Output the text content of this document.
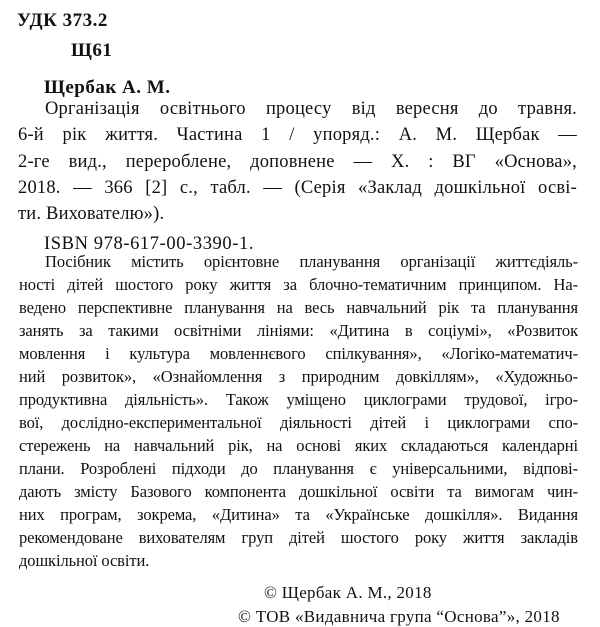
УДК 373.2
Щ61
Щербак А. М.
Організація освітнього процесу від вересня до травня.
6-й рік життя. Частина 1 / упоряд.: А. М. Щербак —
2-ге вид., перероблене, доповнене — Х. : ВГ «Основа»,
2018. — 366 [2] с., табл. — (Серія «Заклад дошкільної осві-
ти. Вихователю»).
ISBN 978-617-00-3390-1.
Посібник містить орієнтовне планування організації життєдіяль-
ності дітей шостого року життя за блочно-тематичним принципом. На-
ведено перспективне планування на весь навчальний рік та планування
занять за такими освітніми лініями: «Дитина в соціумі», «Розвиток
мовлення і культура мовленнєвого спілкування», «Логіко-математич-
ний розвиток», «Ознайомлення з природним довкіллям», «Художньо-
продуктивна діяльність». Також уміщено циклограми трудової, ігро-
вої, дослідно-експериментальної діяльності дітей і циклограми спо-
стережень на навчальний рік, на основі яких складаються календарні
плани. Розроблені підходи до планування є універсальними, відпові-
дають змісту Базового компонента дошкільної освіти та вимогам чин-
них програм, зокрема, «Дитина» та «Українське дошкілля». Видання
рекомендоване вихователям груп дітей шостого року життя закладів
дошкільної освіти.
© Щербак А. М., 2018
© ТОВ «Видавнича група “Основа”», 2018
